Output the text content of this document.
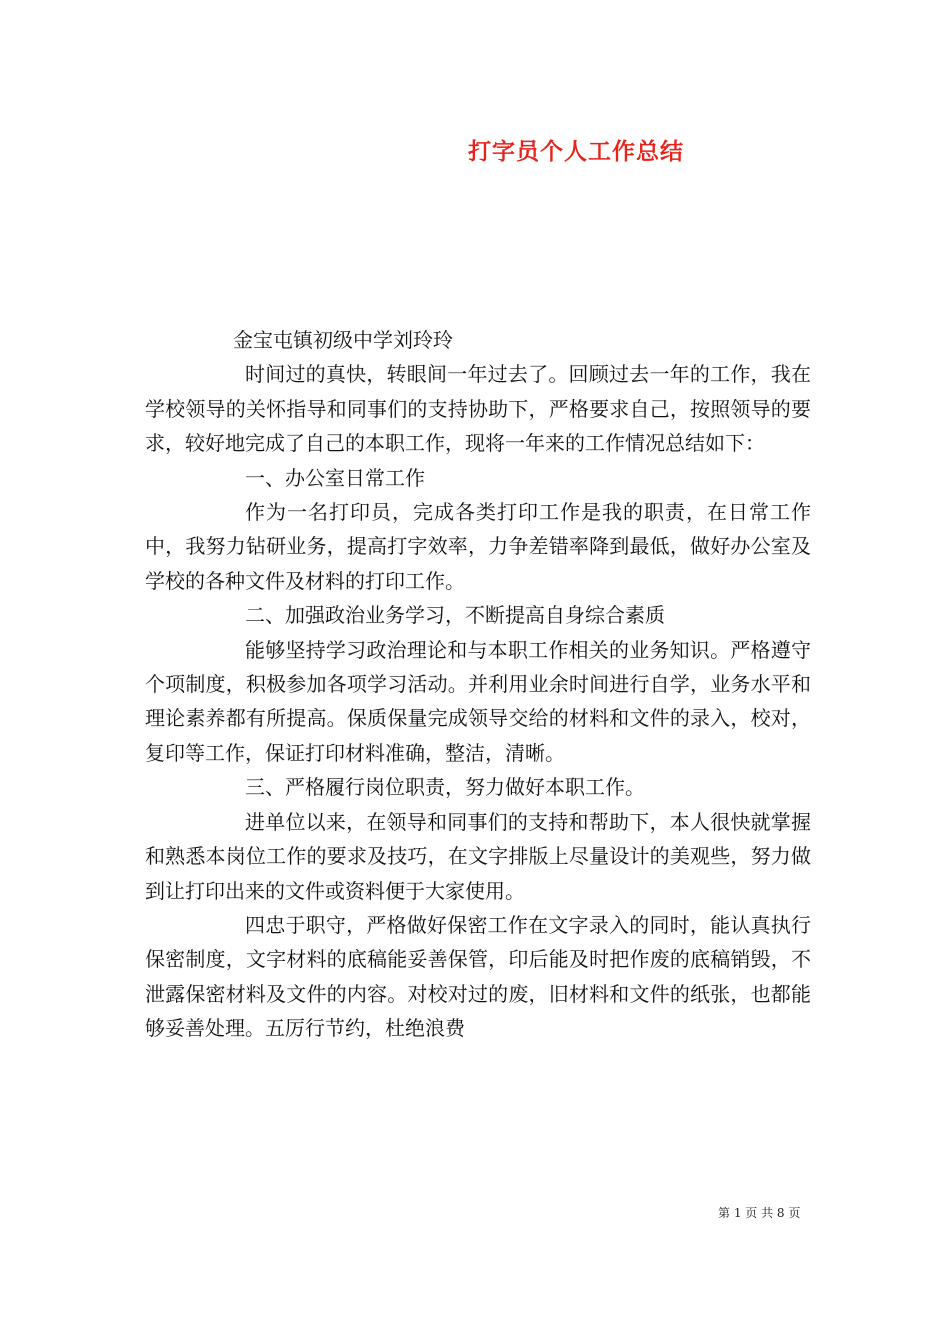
打字员个人工作总结

金宝屯镇初级中学刘玲玲

时间过的真快，转眼间一年过去了。回顾过去一年的工作，我在学校领导的关怀指导和同事们的支持协助下，严格要求自己，按照领导的要求，较好地完成了自己的本职工作，现将一年来的工作情况总结如下：

一、办公室日常工作

作为一名打印员，完成各类打印工作是我的职责，在日常工作中，我努力钻研业务，提高打字效率，力争差错率降到最低，做好办公室及学校的各种文件及材料的打印工作。

二、加强政治业务学习，不断提高自身综合素质

能够坚持学习政治理论和与本职工作相关的业务知识。严格遵守个项制度，积极参加各项学习活动。并利用业余时间进行自学，业务水平和理论素养都有所提高。保质保量完成领导交给的材料和文件的录入，校对，复印等工作，保证打印材料准确，整洁，清晰。

三、严格履行岗位职责，努力做好本职工作。

进单位以来，在领导和同事们的支持和帮助下，本人很快就掌握和熟悉本岗位工作的要求及技巧，在文字排版上尽量设计的美观些，努力做到让打印出来的文件或资料便于大家使用。

四忠于职守，严格做好保密工作在文字录入的同时，能认真执行保密制度，文字材料的底稿能妥善保管，印后能及时把作废的底稿销毁，不泄露保密材料及文件的内容。对校对过的废，旧材料和文件的纸张，也都能够妥善处理。五厉行节约，杜绝浪费

第 1 页 共 8 页
